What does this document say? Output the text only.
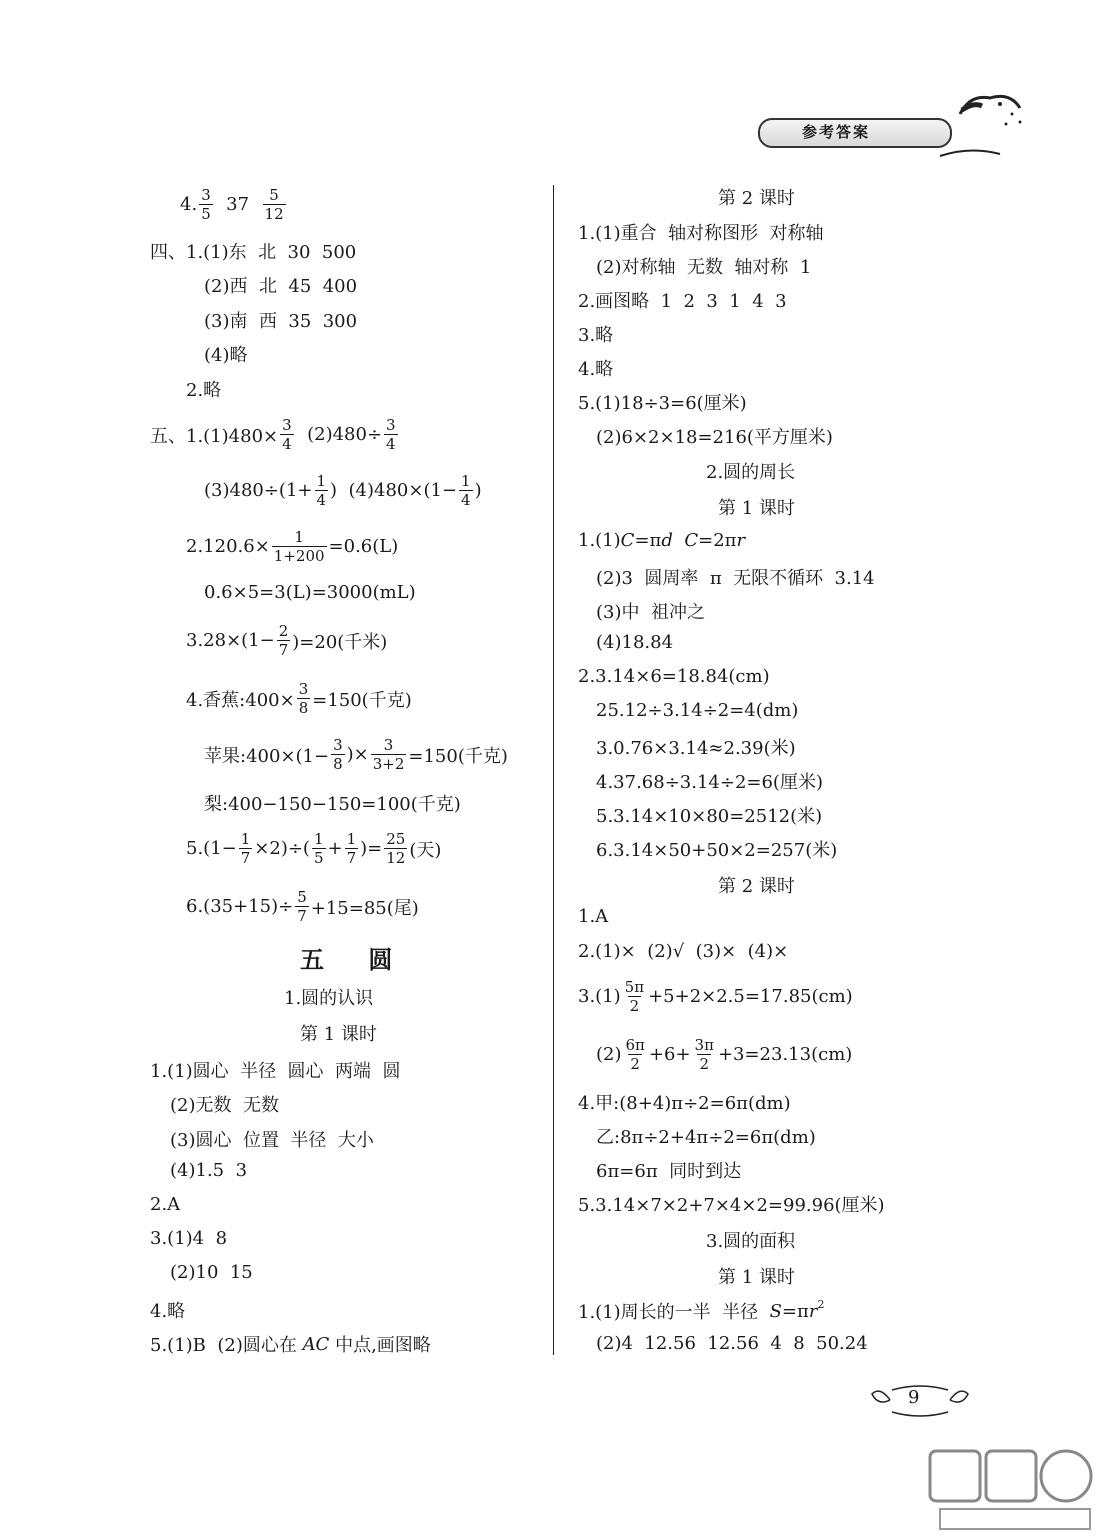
参考答案
4. $\frac{3}{5} 37 \frac{5}{12}$
四、1.(1)东  北  30  500
(2)西  北  45  400
(3)南  西  35  300
(4)略
2.略
五、$1.(1)480\times \frac{3}{4} (2)480\div \frac{3}{4}$
$(3)480\div(1+ \frac{1}{4}$ )  $(4)480\times(1- \frac{1}{4}$ )
$2.120.6\times \frac{1}{1+200} =0.6(L)$
0.6×5=3(L)=3000(mL)
$3.28\times(1- \frac{2}{7} )=20$(千米)
4.香蕉:400× $\frac{3}{8} =150$(千克)
苹果:400×(1− $\frac{3}{8}$ )× $\frac{3}{3+2} =150$(千克)
梨:400−150−150=100(千克)
$5.(1- \frac{1}{7} \times 2)\div( \frac{1}{5} + \frac{1}{7}$ )= $\frac{25}{12}$ (天)
$6.(35+15)\div \frac{5}{7} +15=85$(尾)
五 圆
1.圆的认识
第 1 课时
1.(1)圆心  半径  圆心  两端  圆
(2)无数  无数
(3)圆心  位置  半径  大小
(4)1.5  3
2.A
3.(1)4  8
(2)10  15
4.略
5.(1)B  (2)圆心在 AC 中点,画图略
第 2 课时
1.(1)重合  轴对称图形  对称轴
(2)对称轴  无数  轴对称  1
2.画图略  1  2  3  1  4  3
3.略
4.略
5.(1)18÷3=6(厘米)
(2)6×2×18=216(平方厘米)
2.圆的周长
第 1 课时
1.(1) C =π d
C =2π r
(2)3  圆周率  π  无限不循环  3.14
(3)中  祖冲之
(4)18.84
2.3.14×6=18.84(cm)
25.12÷3.14÷2=4(dm)
3.0.76×3.14≈2.39(米)
4.37.68÷3.14÷2=6(厘米)
5.3.14×10×80=2512(米)
6.3.14×50+50×2=257(米)
第 2 课时
1.A
2.(1)×  (2)√  (3)×  (4)×
$3.(1) \frac{5\pi}{2} +5+2\times 2.5=17.85(cm)$
$(2) \frac{6\pi}{2} +6+ \frac{3\pi}{2} +3=23.13(cm)$
4.甲:(8+4)π÷2=6π(dm)
乙:8π÷2+4π÷2=6π(dm)
6π=6π  同时到达
5.3.14×7×2+7×4×2=99.96(厘米)
3.圆的面积
第 1 课时
1.(1)周长的一半  半径 S =π $r^2$
(2)4  12.56  12.56  4  8  50.24
9
